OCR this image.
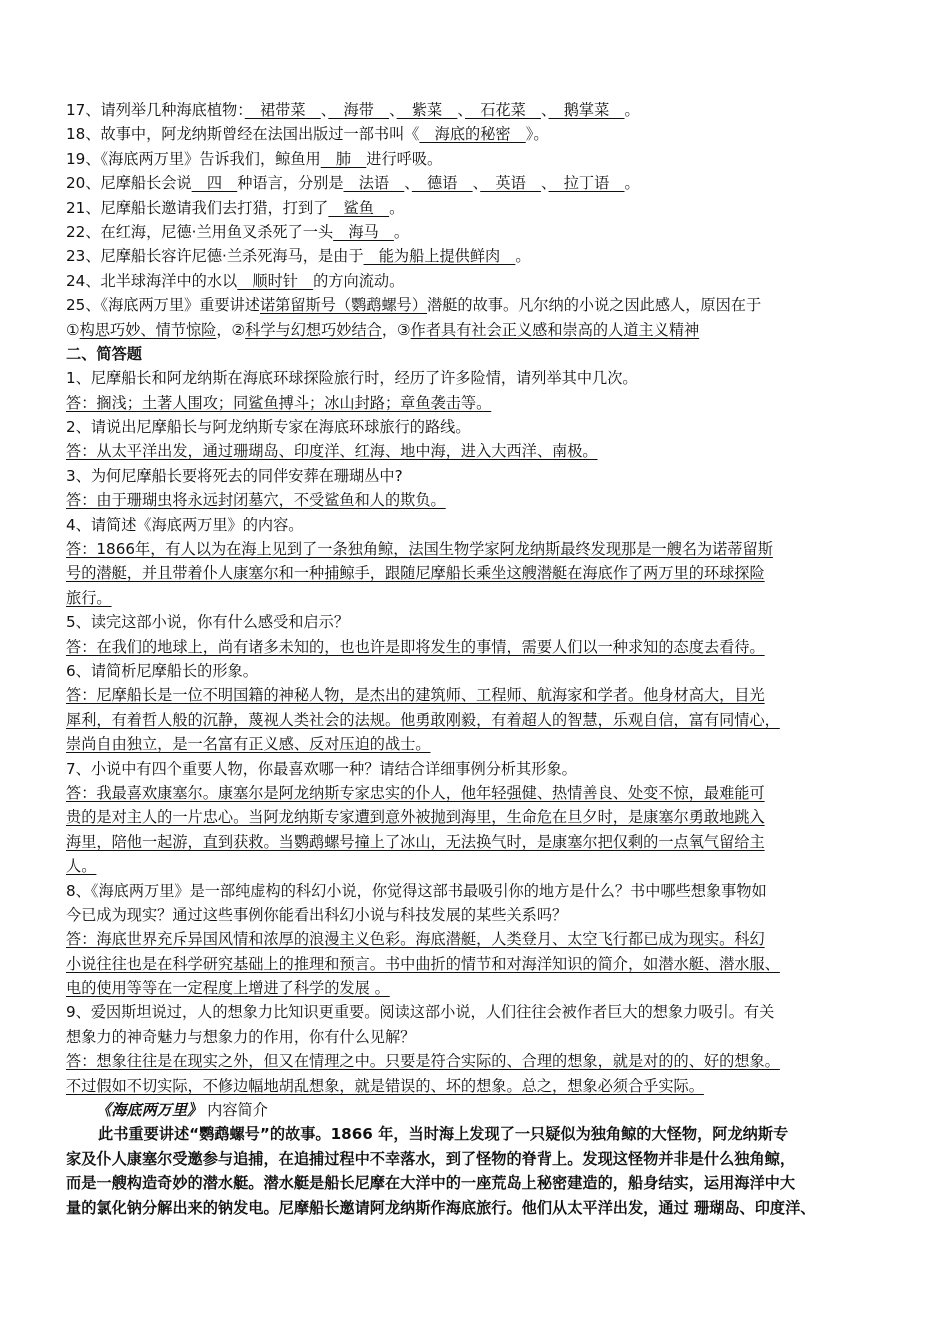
17、请列举几种海底植物：　裙带菜　、　海带　、　紫菜　、　石花菜　、　鹅掌菜　。
18、故事中，阿龙纳斯曾经在法国出版过一部书叫《　海底的秘密　》。
19、《海底两万里》告诉我们，鲸鱼用　肺　进行呼吸。
20、尼摩船长会说　四　种语言，分别是　法语　、　德语　、　英语　、　拉丁语　。
21、尼摩船长邀请我们去打猎，打到了　鲨鱼　。
22、在红海，尼德·兰用鱼叉杀死了一头　海马　。
23、尼摩船长容许尼德·兰杀死海马，是由于　能为船上提供鲜肉　。
24、北半球海洋中的水以　顺时针　的方向流动。
25、《海底两万里》重要讲述诺第留斯号（鹦鹉螺号）潜艇的故事。凡尔纳的小说之因此感人，原因在于
①构思巧妙、情节惊险，②科学与幻想巧妙结合，③作者具有社会正义感和崇高的人道主义精神
二、简答题
1、尼摩船长和阿龙纳斯在海底环球探险旅行时，经历了许多险情，请列举其中几次。
答：搁浅；土著人围攻；同鲨鱼搏斗；冰山封路；章鱼袭击等。
2、请说出尼摩船长与阿龙纳斯专家在海底环球旅行的路线。
答：从太平洋出发，通过珊瑚岛、印度洋、红海、地中海，进入大西洋、南极。
3、为何尼摩船长要将死去的同伴安葬在珊瑚丛中?
答：由于珊瑚虫将永远封闭墓穴，不受鲨鱼和人的欺负。
4、请简述《海底两万里》的内容。
答：1866年，有人以为在海上见到了一条独角鲸，法国生物学家阿龙纳斯最终发现那是一艘名为诺蒂留斯
号的潜艇，并且带着仆人康塞尔和一种捕鲸手，跟随尼摩船长乘坐这艘潜艇在海底作了两万里的环球探险
旅行。
5、读完这部小说，你有什么感受和启示？
答：在我们的地球上，尚有诸多未知的，也也许是即将发生的事情，需要人们以一种求知的态度去看待。
6、请简析尼摩船长的形象。
答：尼摩船长是一位不明国籍的神秘人物，是杰出的建筑师、工程师、航海家和学者。他身材高大，目光
犀利，有着哲人般的沉静，蔑视人类社会的法规。他勇敢刚毅，有着超人的智慧，乐观自信，富有同情心，
崇尚自由独立，是一名富有正义感、反对压迫的战士。
7、小说中有四个重要人物，你最喜欢哪一种？请结合详细事例分析其形象。
答：我最喜欢康塞尔。康塞尔是阿龙纳斯专家忠实的仆人，他年轻强健、热情善良、处变不惊，最难能可
贵的是对主人的一片忠心。当阿龙纳斯专家遭到意外被抛到海里，生命危在旦夕时，是康塞尔勇敢地跳入
海里，陪他一起游，直到获救。当鹦鹉螺号撞上了冰山，无法换气时，是康塞尔把仅剩的一点氧气留给主
人。
8、《海底两万里》是一部纯虚构的科幻小说，你觉得这部书最吸引你的地方是什么？书中哪些想象事物如
今已成为现实？通过这些事例你能看出科幻小说与科技发展的某些关系吗？
答：海底世界充斥异国风情和浓厚的浪漫主义色彩。海底潜艇，人类登月、太空飞行都已成为现实。科幻
小说往往也是在科学研究基础上的推理和预言。书中曲折的情节和对海洋知识的简介，如潜水艇、潜水服、
电的使用等等在一定程度上增进了科学的发展 。
9、爱因斯坦说过，人的想象力比知识更重要。阅读这部小说，人们往往会被作者巨大的想象力吸引。有关
想象力的神奇魅力与想象力的作用，你有什么见解？
答：想象往往是在现实之外，但又在情理之中。只要是符合实际的、合理的想象，就是对的的、好的想象。
不过假如不切实际，不修边幅地胡乱想象，就是错误的、坏的想象。总之，想象必须合乎实际。
《海底两万里》 内容简介
此书重要讲述“鹦鹉螺号”的故事。1866 年，当时海上发现了一只疑似为独角鲸的大怪物，阿龙纳斯专
家及仆人康塞尔受邀参与追捕，在追捕过程中不幸落水，到了怪物的脊背上。发现这怪物并非是什么独角鲸，
而是一艘构造奇妙的潜水艇。潜水艇是船长尼摩在大洋中的一座荒岛上秘密建造的，船身结实，运用海洋中大
量的氯化钠分解出来的钠发电。尼摩船长邀请阿龙纳斯作海底旅行。他们从太平洋出发，通过 珊瑚岛、印度洋、
